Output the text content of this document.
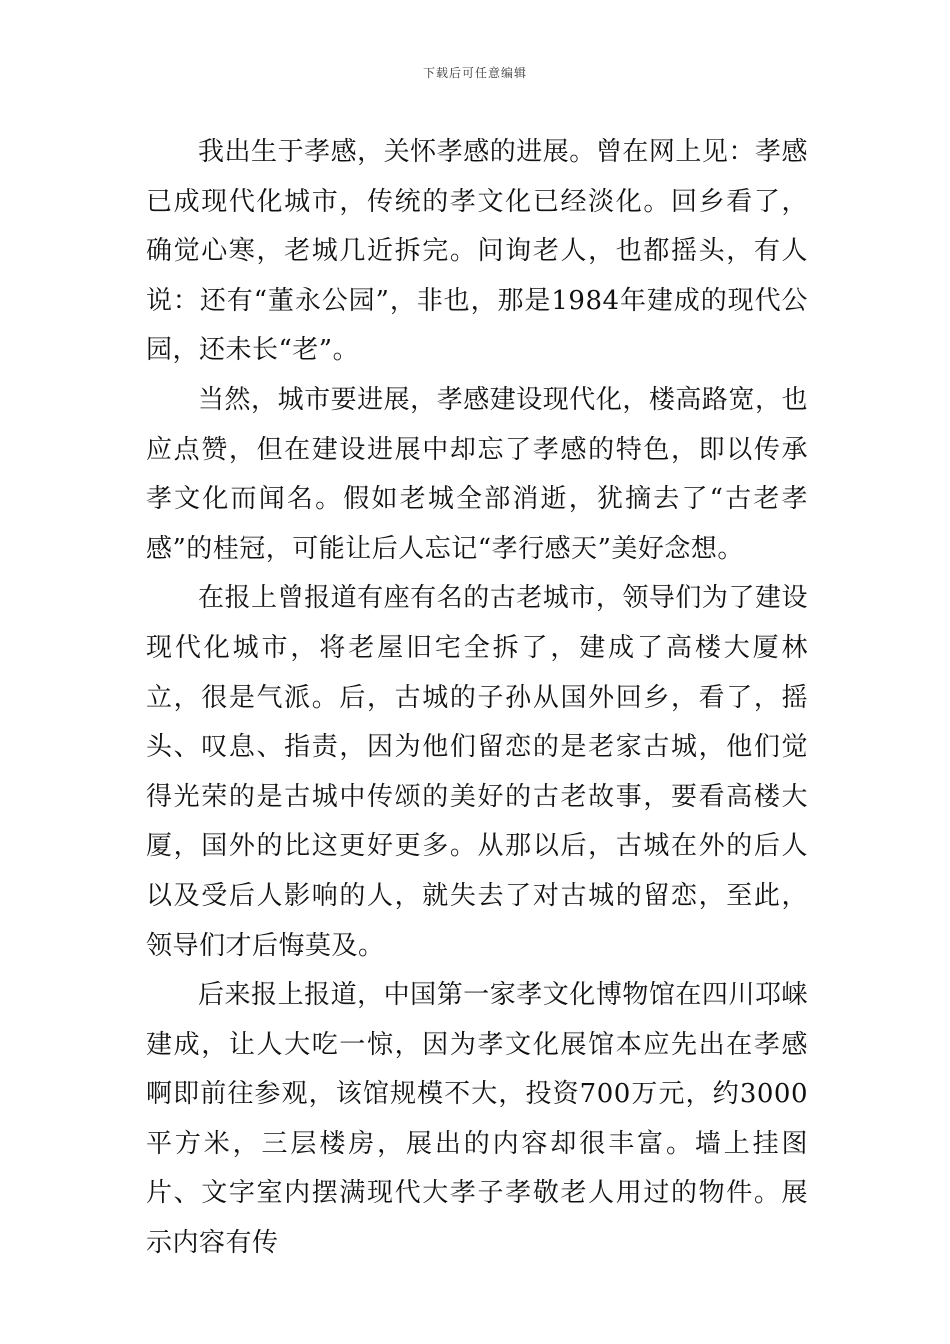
下载后可任意编辑

我出生于孝感，关怀孝感的进展。曾在网上见：孝感已成现代化城市，传统的孝文化已经淡化。回乡看了，确觉心寒，老城几近拆完。问询老人，也都摇头，有人说：还有“董永公园”，非也，那是1984年建成的现代公园，还未长“老”。

当然，城市要进展，孝感建设现代化，楼高路宽，也应点赞，但在建设进展中却忘了孝感的特色，即以传承孝文化而闻名。假如老城全部消逝，犹摘去了“古老孝感”的桂冠，可能让后人忘记“孝行感天”美好念想。

在报上曾报道有座有名的古老城市，领导们为了建设现代化城市，将老屋旧宅全拆了，建成了高楼大厦林立，很是气派。后，古城的子孙从国外回乡，看了，摇头、叹息、指责，因为他们留恋的是老家古城，他们觉得光荣的是古城中传颂的美好的古老故事，要看高楼大厦，国外的比这更好更多。从那以后，古城在外的后人以及受后人影响的人，就失去了对古城的留恋，至此，领导们才后悔莫及。

后来报上报道，中国第一家孝文化博物馆在四川邛崃建成，让人大吃一惊，因为孝文化展馆本应先出在孝感啊即前往参观，该馆规模不大，投资700万元，约3000平方米，三层楼房，展出的内容却很丰富。墙上挂图片、文字室内摆满现代大孝子孝敬老人用过的物件。展示内容有传
